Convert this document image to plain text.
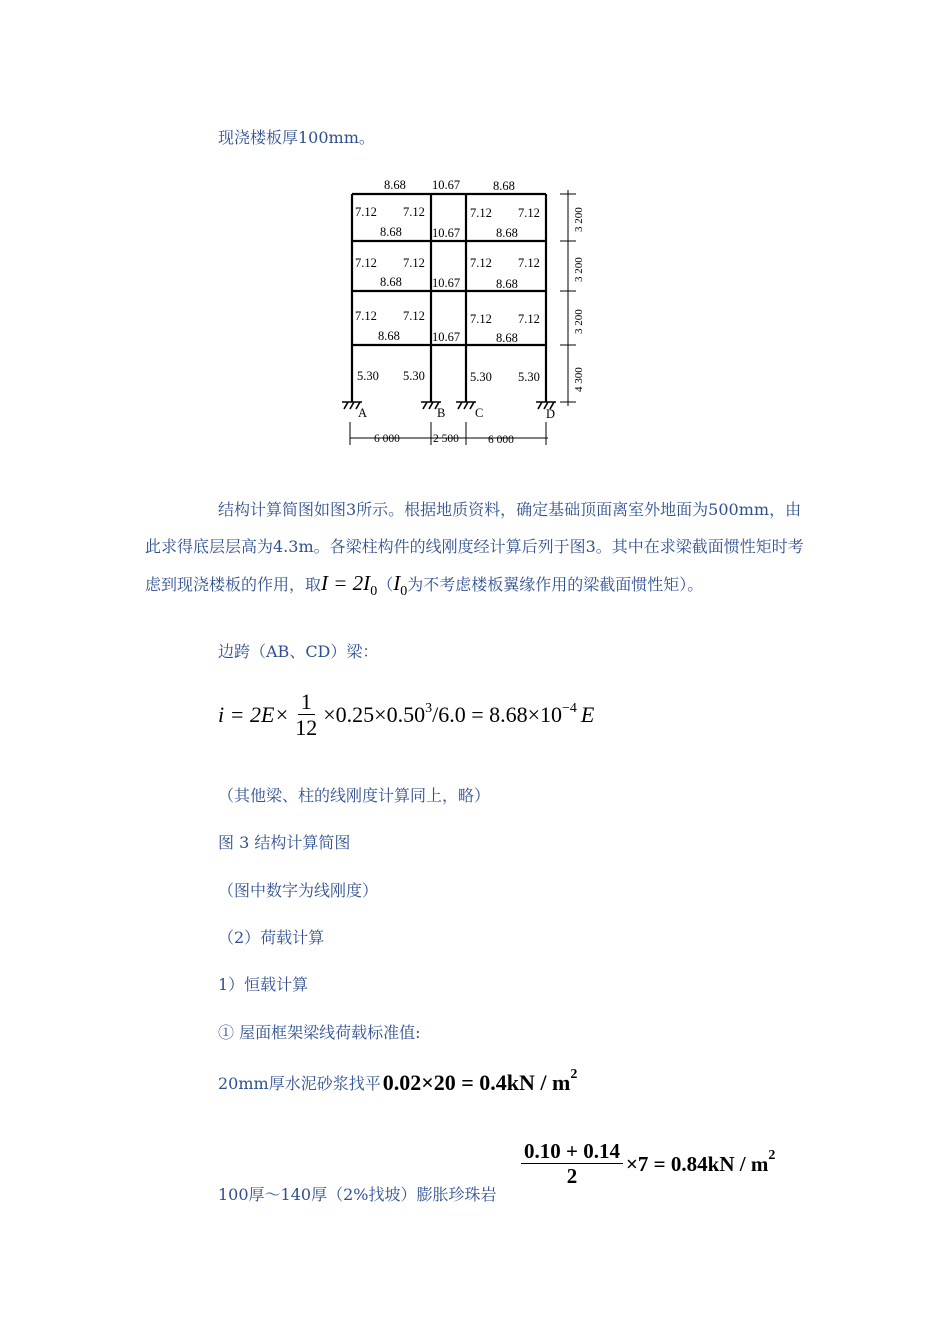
现浇楼板厚100mm。
8.68 10.67	8.68
7.12 7.12	7.12 7.12
8.68 10.67	8.68
7.12 7.12	7.12 7.12
8.68 10.67	8.68
7.12 7.12	7.12 7.12
8.68	10.67	8.68
5.30 5.30	5.30 5.30
A	B C	D
6 000	2 500	6 000
3 200
3 200
3 200
4 300
结构计算简图如图3所示。根据地质资料，确定基础顶面离室外地面为500mm，由此求得底层层高为4.3m。各梁柱构件的线刚度经计算后列于图3。其中在求梁截面惯性矩时考虑到现浇楼板的作用，取$I = 2I_0(I_0$为不考虑楼板翼缘作用的梁截面惯性矩）。
边跨（AB、CD）梁：
$i = 2E\times \frac{1}{12} \times 0.25\times 0.50^3$ $/6.0 = 8.68\times 10^{-4}$ E
（其他梁、柱的线刚度计算同上，略）
图 3 结构计算简图
（图中数字为线刚度）
（2）荷载计算
1）恒载计算
① 屋面框架梁线荷载标准值:
20mm厚水泥砂浆找平 $0.02\times 20 = 0.4kN / m^2$
100厚～140厚（2%找坡）膨胀珍珠岩
$\frac{0.10 + 0.14}{2} \times 7 = 0.84kN / m^2$
